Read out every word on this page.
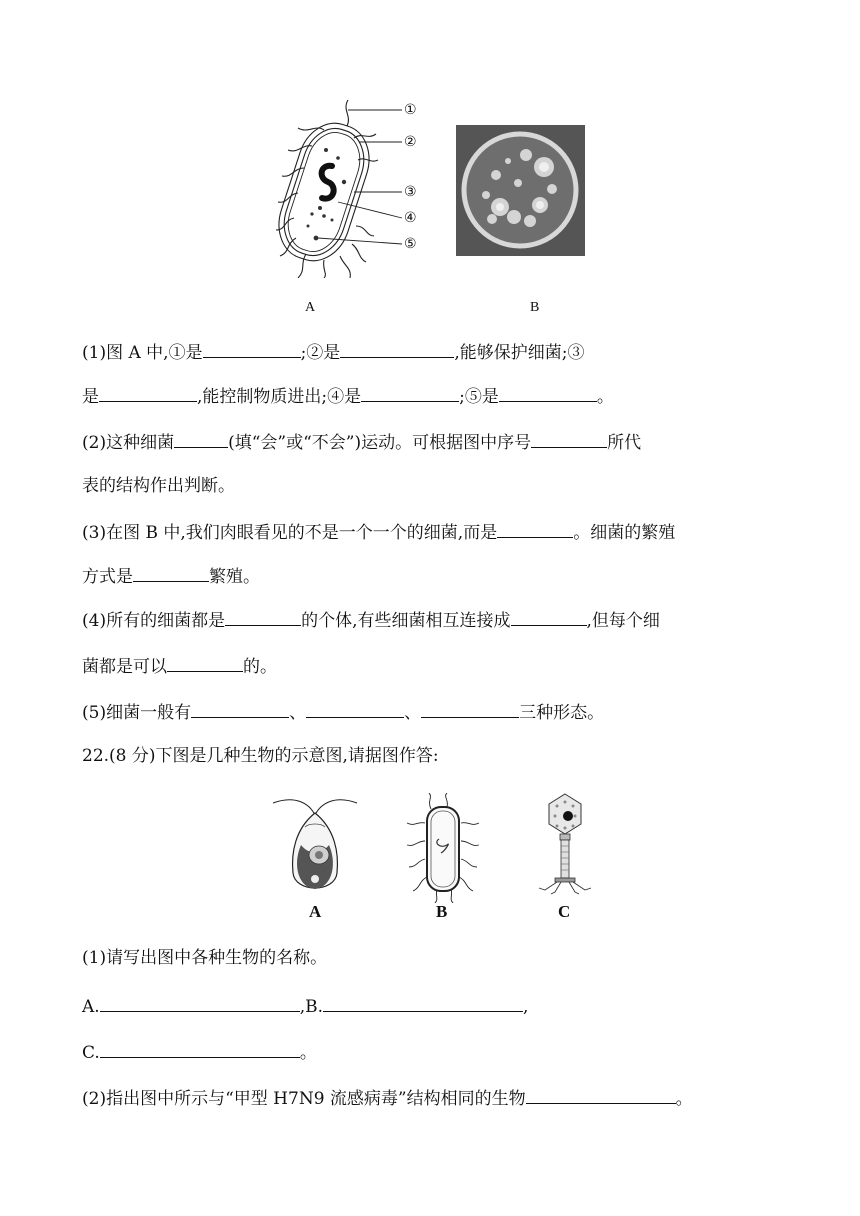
①
②
③
④
⑤
A	B
(1)图 A 中,①是	;②是	,能够保护细菌;③
是	,能控制物质进出;④是	;⑤是	。
(2)这种细菌	(填“会”或“不会”)运动。可根据图中序号	所代
表的结构作出判断。
(3)在图 B 中,我们肉眼看见的不是一个一个的细菌,而是	。细菌的繁殖
方式是	繁殖。
(4)所有的细菌都是	的个体,有些细菌相互连接成	,但每个细
菌都是可以	的。
(5)细菌一般有	、	、	三种形态。
22.(8 分)下图是几种生物的示意图,请据图作答:
A	B	C
(1)请写出图中各种生物的名称。
A.	,B.	,
C.	。
(2)指出图中所示与“甲型 H7N9 流感病毒”结构相同的生物	。
